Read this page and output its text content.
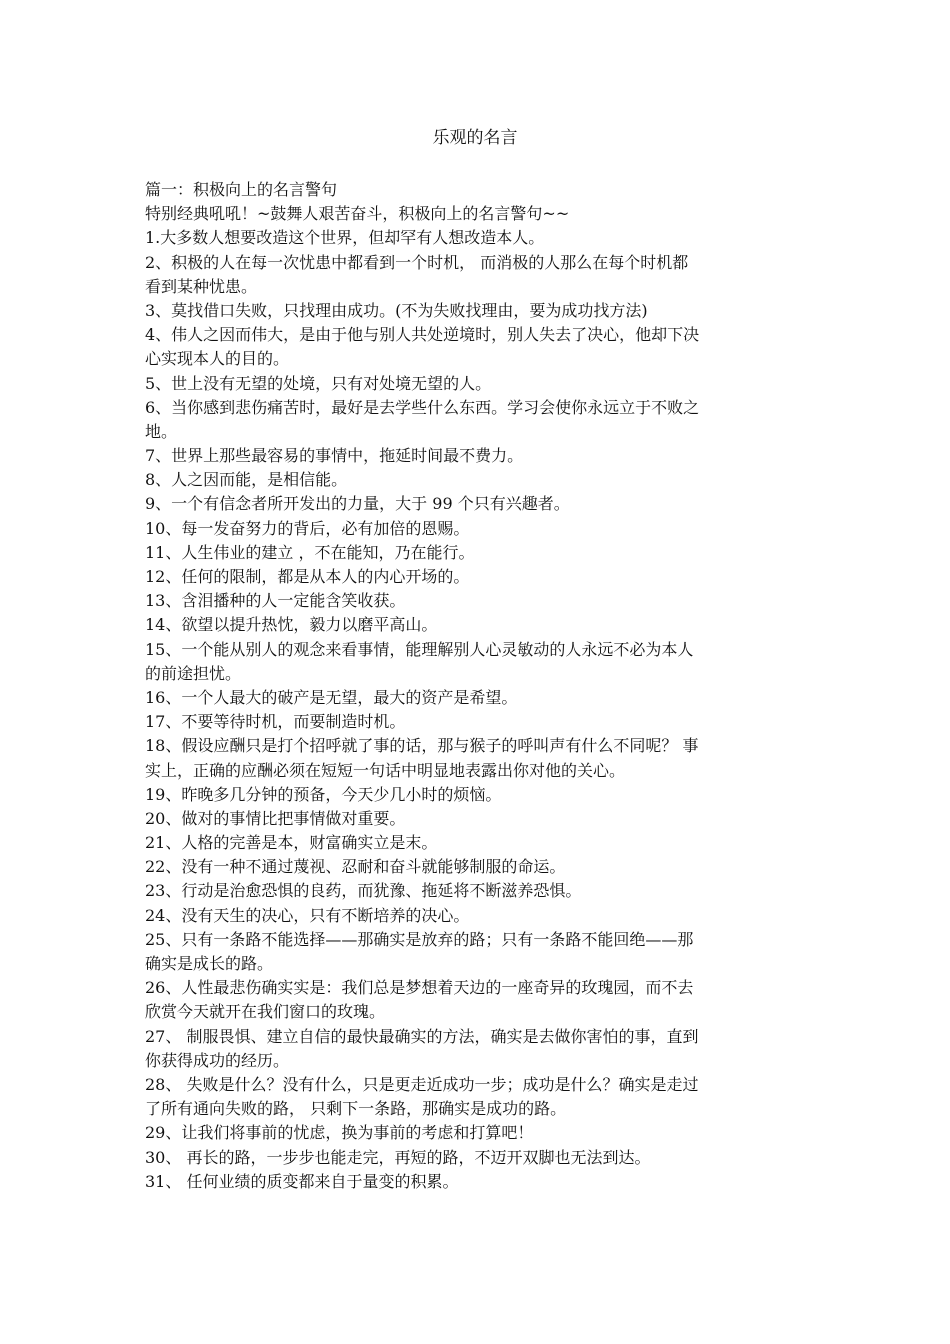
乐观的名言
篇一：积极向上的名言警句
特别经典吼吼！~鼓舞人艰苦奋斗，积极向上的名言警句~~
1.大多数人想要改造这个世界，但却罕有人想改造本人。
2、积极的人在每一次忧患中都看到一个时机， 而消极的人那么在每个时机都
看到某种忧患。
3、莫找借口失败，只找理由成功。(不为失败找理由，要为成功找方法)
4、伟人之因而伟大，是由于他与别人共处逆境时，别人失去了决心，他却下决
心实现本人的目的。
5、世上没有无望的处境，只有对处境无望的人。
6、当你感到悲伤痛苦时，最好是去学些什么东西。学习会使你永远立于不败之
地。
7、世界上那些最容易的事情中，拖延时间最不费力。
8、人之因而能，是相信能。
9、一个有信念者所开发出的力量，大于 99 个只有兴趣者。
10、每一发奋努力的背后，必有加倍的恩赐。
11、人生伟业的建立 ，不在能知，乃在能行。
12、任何的限制，都是从本人的内心开场的。
13、含泪播种的人一定能含笑收获。
14、欲望以提升热忱，毅力以磨平高山。
15、一个能从别人的观念来看事情，能理解别人心灵敏动的人永远不必为本人
的前途担忧。
16、一个人最大的破产是无望，最大的资产是希望。
17、不要等待时机，而要制造时机。
18、假设应酬只是打个招呼就了事的话，那与猴子的呼叫声有什么不同呢？ 事
实上，正确的应酬必须在短短一句话中明显地表露出你对他的关心。
19、昨晚多几分钟的预备，今天少几小时的烦恼。
20、做对的事情比把事情做对重要。
21、人格的完善是本，财富确实立是末。
22、没有一种不通过蔑视、忍耐和奋斗就能够制服的命运。
23、行动是治愈恐惧的良药，而犹豫、拖延将不断滋养恐惧。
24、没有天生的决心，只有不断培养的决心。
25、只有一条路不能选择——那确实是放弃的路；只有一条路不能回绝——那
确实是成长的路。
26、人性最悲伤确实实是：我们总是梦想着天边的一座奇异的玫瑰园，而不去
欣赏今天就开在我们窗口的玫瑰。
27、 制服畏惧、建立自信的最快最确实的方法，确实是去做你害怕的事，直到
你获得成功的经历。
28、 失败是什么？没有什么，只是更走近成功一步；成功是什么？确实是走过
了所有通向失败的路， 只剩下一条路，那确实是成功的路。
29、让我们将事前的忧虑，换为事前的考虑和打算吧！
30、 再长的路，一步步也能走完，再短的路，不迈开双脚也无法到达。
31、 任何业绩的质变都来自于量变的积累。
